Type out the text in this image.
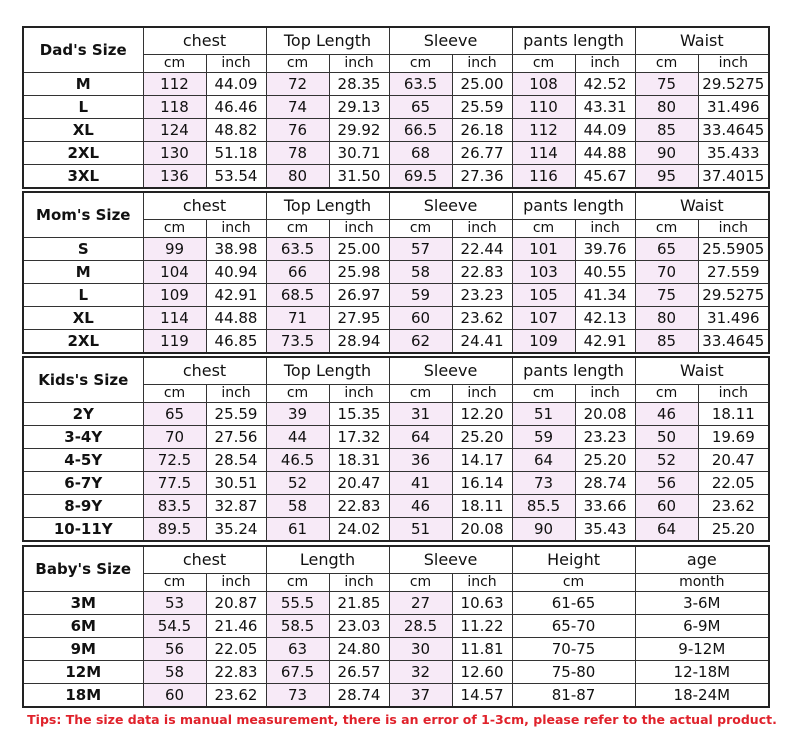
Dad's Size	chest		Top Length		Sleeve		pants length		Waist	
	cm	inch	cm	inch	cm	inch	cm	inch	cm	inch
M	112	44.09	72	28.35	63.5	25.00	108	42.52	75	29.5275
L	118	46.46	74	29.13	65	25.59	110	43.31	80	31.496
XL	124	48.82	76	29.92	66.5	26.18	112	44.09	85	33.4645
2XL	130	51.18	78	30.71	68	26.77	114	44.88	90	35.433
3XL	136	53.54	80	31.50	69.5	27.36	116	45.67	95	37.4015
Mom's Size	chest		Top Length		Sleeve		pants length		Waist	
	cm	inch	cm	inch	cm	inch	cm	inch	cm	inch
S	99	38.98	63.5	25.00	57	22.44	101	39.76	65	25.5905
M	104	40.94	66	25.98	58	22.83	103	40.55	70	27.559
L	109	42.91	68.5	26.97	59	23.23	105	41.34	75	29.5275
XL	114	44.88	71	27.95	60	23.62	107	42.13	80	31.496
2XL	119	46.85	73.5	28.94	62	24.41	109	42.91	85	33.4645
Kids's Size	chest		Top Length		Sleeve		pants length		Waist	
	cm	inch	cm	inch	cm	inch	cm	inch	cm	inch
2Y	65	25.59	39	15.35	31	12.20	51	20.08	46	18.11
3-4Y	70	27.56	44	17.32	64	25.20	59	23.23	50	19.69
4-5Y	72.5	28.54	46.5	18.31	36	14.17	64	25.20	52	20.47
6-7Y	77.5	30.51	52	20.47	41	16.14	73	28.74	56	22.05
8-9Y	83.5	32.87	58	22.83	46	18.11	85.5	33.66	60	23.62
10-11Y	89.5	35.24	61	24.02	51	20.08	90	35.43	64	25.20
Baby's Size	chest		Length		Sleeve		Height	age
	cm	inch	cm	inch	cm	inch	cm	month
3M	53	20.87	55.5	21.85	27	10.63	61-65	3-6M
6M	54.5	21.46	58.5	23.03	28.5	11.22	65-70	6-9M
9M	56	22.05	63	24.80	30	11.81	70-75	9-12M
12M	58	22.83	67.5	26.57	32	12.60	75-80	12-18M
18M	60	23.62	73	28.74	37	14.57	81-87	18-24M
Tips: The size data is manual measurement, there is an error of 1-3cm, please refer to the actual product.
